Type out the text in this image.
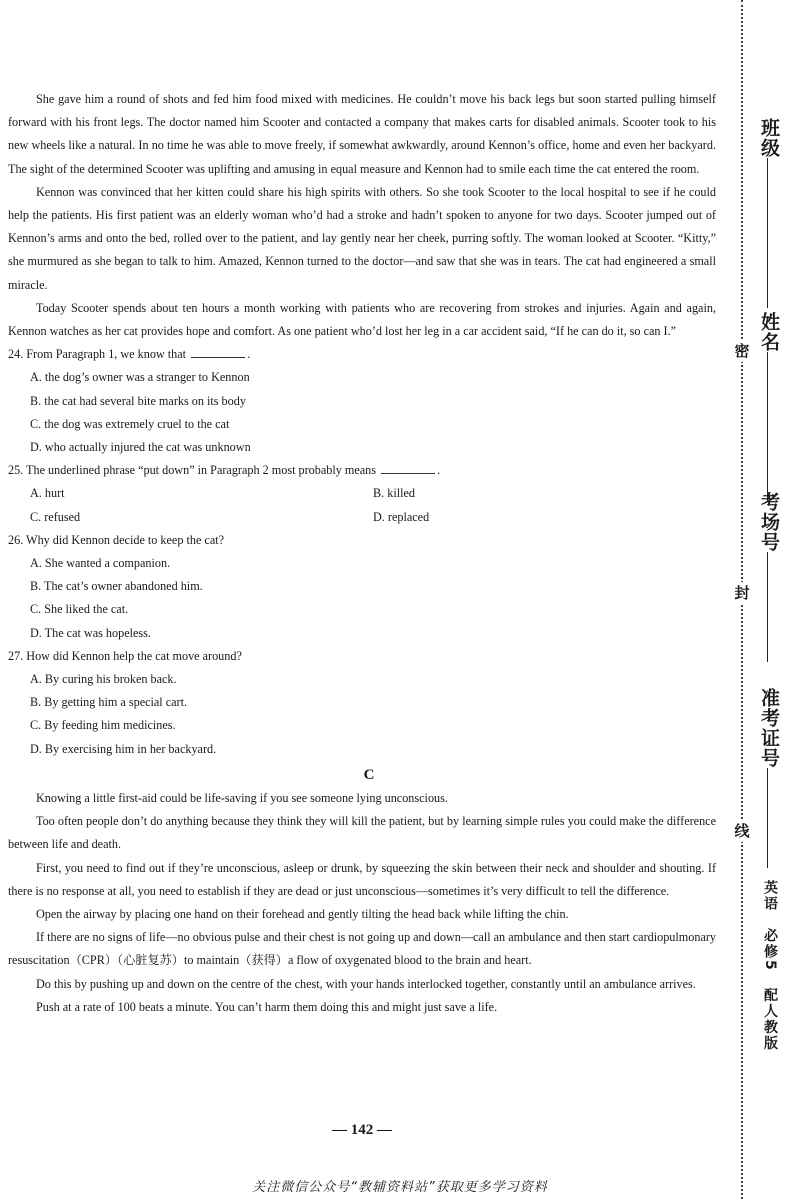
She gave him a round of shots and fed him food mixed with medicines. He couldn’t move his back legs but soon started pulling himself forward with his front legs. The doctor named him Scooter and contacted a company that makes carts for disabled animals. Scooter took to his new wheels like a natural. In no time he was able to move freely, if somewhat awkwardly, around Kennon’s office, home and even her backyard. The sight of the determined Scooter was uplifting and amusing in equal measure and Kennon had to smile each time the cat entered the room.

Kennon was convinced that her kitten could share his high spirits with others. So she took Scooter to the local hospital to see if he could help the patients. His first patient was an elderly woman who’d had a stroke and hadn’t spoken to anyone for two days. Scooter jumped out of Kennon’s arms and onto the bed, rolled over to the patient, and lay gently near her cheek, purring softly. The woman looked at Scooter. “Kitty,” she murmured as she began to talk to him. Amazed, Kennon turned to the doctor—and saw that she was in tears. The cat had engineered a small miracle.

Today Scooter spends about ten hours a month working with patients who are recovering from strokes and injuries. Again and again, Kennon watches as her cat provides hope and comfort. As one patient who’d lost her leg in a car accident said, “If he can do it, so can I.”

24. From Paragraph 1, we know that	.

A. the dog’s owner was a stranger to Kennon

B. the cat had several bite marks on its body

C. the dog was extremely cruel to the cat

D. who actually injured the cat was unknown

25. The underlined phrase “put down” in Paragraph 2 most probably means	.

A. hurt	B. killed
C. refused	D. replaced

26. Why did Kennon decide to keep the cat?

A. She wanted a companion.

B. The cat’s owner abandoned him.

C. She liked the cat.

D. The cat was hopeless.

27. How did Kennon help the cat move around?

A. By curing his broken back.

B. By getting him a special cart.

C. By feeding him medicines.

D. By exercising him in her backyard.

C

Knowing a little first-aid could be life-saving if you see someone lying unconscious.

Too often people don’t do anything because they think they will kill the patient, but by learning simple rules you could make the difference between life and death.

First, you need to find out if they’re unconscious, asleep or drunk, by squeezing the skin between their neck and shoulder and shouting. If there is no response at all, you need to establish if they are dead or just unconscious—sometimes it’s very difficult to tell the difference.

Open the airway by placing one hand on their forehead and gently tilting the head back while lifting the chin.

If there are no signs of life—no obvious pulse and their chest is not going up and down—call an ambulance and then start cardiopulmonary resuscitation（CPR）（心脏复苏）to maintain（获得）a flow of oxygenated blood to the brain and heart.

Do this by pushing up and down on the centre of the chest, with your hands interlocked together, constantly until an ambulance arrives.

Push at a rate of 100 beats a minute. You can’t harm them doing this and might just save a life.

— 142 —
关注微信公众号“教辅资料站”获取更多学习资料
密
封
线
班级
姓名
考场号
准考证号
英语　必修5　配人教版
